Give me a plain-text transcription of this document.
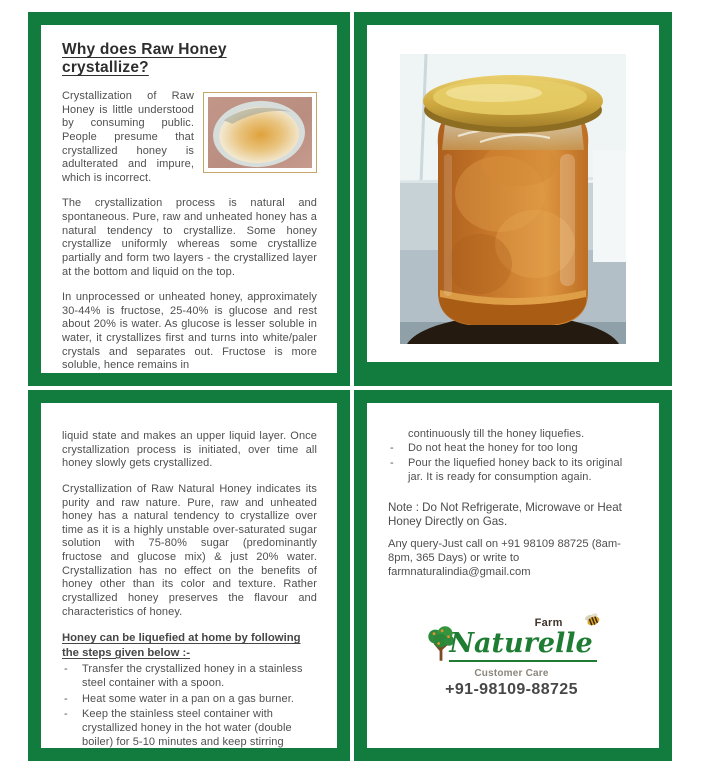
Why does Raw Honey crystallize?

Crystallization of Raw Honey is little understood by consuming public. People presume that crystallized honey is adulterated and impure, which is incorrect.

The crystallization process is natural and spontaneous. Pure, raw and unheated honey has a natural tendency to crystallize. Some honey crystallize uniformly whereas some crystallize partially and form two layers - the crystallized layer at the bottom and liquid on the top.

In unprocessed or unheated honey, approximately 30-44% is fructose, 25-40% is glucose and rest about 20% is water. As glucose is lesser soluble in water, it crystallizes first and turns into white/paler crystals and separates out. Fructose is more soluble, hence remains in

liquid state and makes an upper liquid layer. Once crystallization process is initiated, over time all honey slowly gets crystallized.

Crystallization of Raw Natural Honey indicates its purity and raw nature. Pure, raw and unheated honey has a natural tendency to crystallize over time as it is a highly unstable over-saturated sugar solution with 75-80% sugar (predominantly fructose and glucose mix) & just 20% water. Crystallization has no effect on the benefits of honey other than its color and texture. Rather crystallized honey preserves the flavour and characteristics of honey.

Honey can be liquefied at home by following the steps given below :-
- Transfer the crystallized honey in a stainless steel container with a spoon.
- Heat some water in a pan on a gas burner.
- Keep the stainless steel container with crystallized honey in the hot water (double boiler) for 5-10 minutes and keep stirring

continuously till the honey liquefies.

- Do not heat the honey for too long
- Pour the liquefied honey back to its original jar. It is ready for consumption again.

Note : Do Not Refrigerate, Microwave or Heat Honey Directly on Gas.

Any query-Just call on +91 98109 88725 (8am-8pm, 365 Days) or write to farmnaturalindia@gmail.com

Farm
Naturelle
Customer Care
+91-98109-88725
